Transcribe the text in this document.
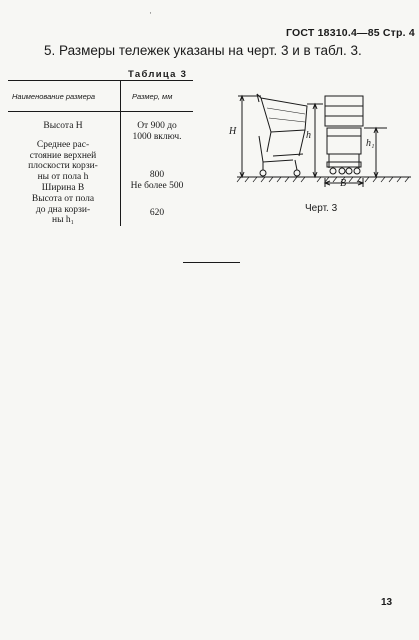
ГОСТ 18310.4—85 Стр. 4
·
5. Размеры тележек указаны на черт. 3 и в табл. 3.
Таблица 3
Наименование размера	Размер, мм
Высота H
Среднее рас-
стояние верхней
плоскости корзи-
ны от пола h
Ширина B
Высота от пола
до дна корзи-
ны h₁
От 900 до
1000 включ.
800
Не более 500
620
H	h
h₁
B
Черт. 3
13
